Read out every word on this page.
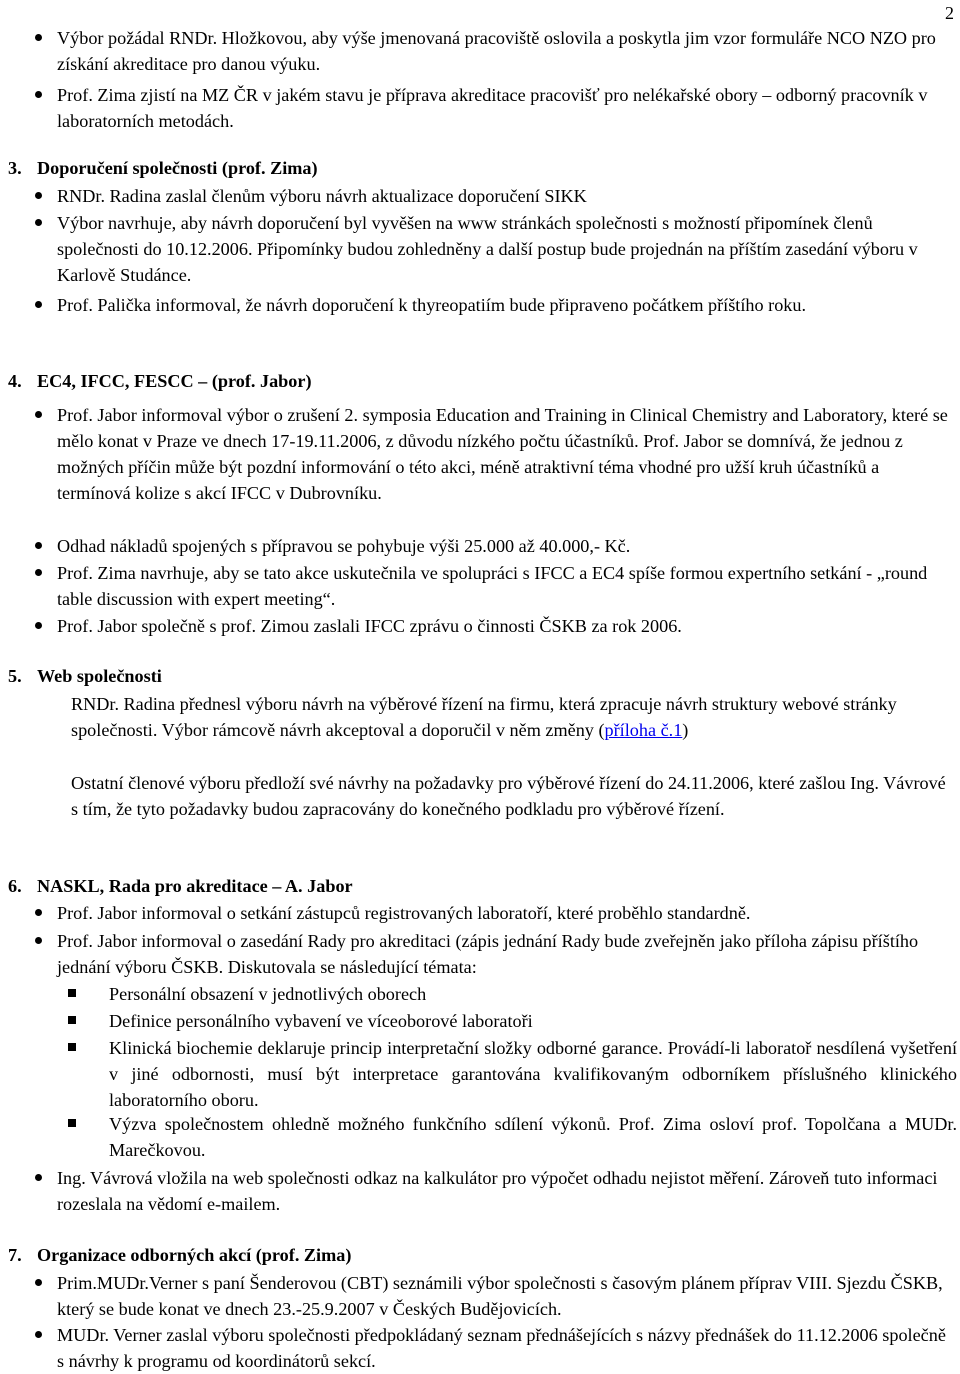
2
Výbor požádal RNDr. Hložkovou, aby výše jmenovaná pracoviště oslovila a poskytla jim vzor formuláře NCO NZO pro získání akreditace pro danou výuku.
Prof. Zima zjistí na MZ ČR v jakém stavu je příprava akreditace pracovišť pro nelékařské obory – odborný pracovník v laboratorních metodách.
3. Doporučení společnosti (prof. Zima)
RNDr. Radina zaslal členům výboru návrh aktualizace doporučení SIKK
Výbor navrhuje, aby návrh doporučení byl vyvěšen na www stránkách společnosti s možností připomínek členů společnosti do 10.12.2006. Připomínky budou zohledněny a další postup bude projednán na příštím zasedání výboru v Karlově Studánce.
Prof. Palička informoval, že návrh doporučení k thyreopatiím bude připraveno počátkem příštího roku.
4. EC4, IFCC, FESCC – (prof. Jabor)
Prof. Jabor informoval výbor o zrušení 2. symposia Education and Training in Clinical Chemistry and Laboratory, které se mělo konat v Praze ve dnech 17-19.11.2006, z důvodu nízkého počtu účastníků. Prof. Jabor se domnívá, že jednou z možných příčin může být pozdní informování o této akci, méně atraktivní téma vhodné pro užší kruh účastníků a termínová kolize s akcí IFCC v Dubrovníku.
Odhad nákladů spojených s přípravou se pohybuje výši 25.000 až 40.000,- Kč.
Prof. Zima navrhuje, aby se tato akce uskutečnila ve spolupráci s IFCC a EC4 spíše formou expertního setkání - „round table discussion with expert meeting“.
Prof. Jabor společně s prof. Zimou zaslali IFCC zprávu o činnosti ČSKB za rok 2006.
5. Web společnosti
RNDr. Radina přednesl výboru návrh na výběrové řízení na firmu, která zpracuje návrh struktury webové stránky společnosti. Výbor rámcově návrh akceptoval a doporučil v něm změny (příloha č.1)
Ostatní členové výboru předloží své návrhy na požadavky pro výběrové řízení do 24.11.2006, které zašlou Ing. Vávrové s tím, že tyto požadavky budou zapracovány do konečného podkladu pro výběrové řízení.
6. NASKL, Rada pro akreditace – A. Jabor
Prof. Jabor informoval o setkání zástupců registrovaných laboratoří, které proběhlo standardně.
Prof. Jabor informoval o zasedání Rady pro akreditaci (zápis jednání Rady bude zveřejněn jako příloha zápisu příštího jednání výboru ČSKB. Diskutovala se následující témata:
Personální obsazení v jednotlivých oborech
Definice personálního vybavení ve víceoborové laboratoři
Klinická biochemie deklaruje princip interpretační složky odborné garance. Provádí-li laboratoř nesdílená vyšetření v jiné odbornosti, musí být interpretace garantována kvalifikovaným odborníkem příslušného klinického laboratorního oboru.
Výzva společnostem ohledně možného funkčního sdílení výkonů. Prof. Zima osloví prof. Topolčana a MUDr. Marečkovou.
Ing. Vávrová vložila na web společnosti odkaz na kalkulátor pro výpočet odhadu nejistot měření. Zároveň tuto informaci rozeslala na vědomí e-mailem.
7. Organizace odborných akcí (prof. Zima)
Prim.MUDr.Verner s paní Šenderovou (CBT) seznámili výbor společnosti s časovým plánem příprav VIII. Sjezdu ČSKB, který se bude konat ve dnech 23.-25.9.2007 v Českých Budějovicích.
MUDr. Verner zaslal výboru společnosti předpokládaný seznam přednášejících s názvy přednášek do 11.12.2006 společně s návrhy k programu od koordinátorů sekcí.
